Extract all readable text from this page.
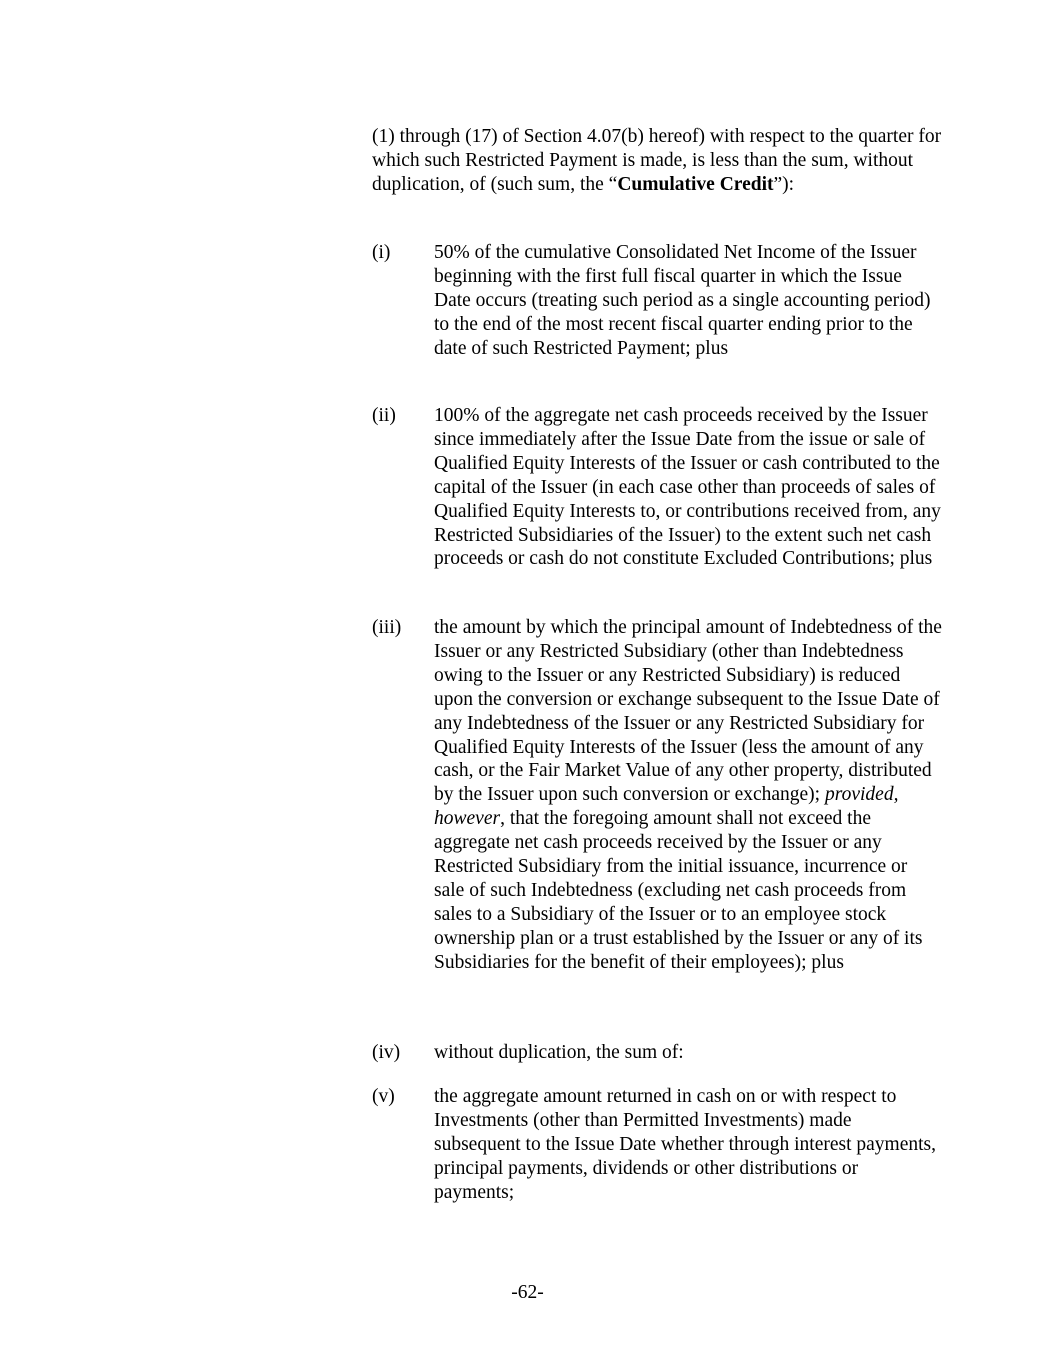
(1) through (17) of Section 4.07(b) hereof) with respect to the quarter for which such Restricted Payment is made, is less than the sum, without duplication, of (such sum, the “Cumulative Credit”):

(i)	50% of the cumulative Consolidated Net Income of the Issuer beginning with the first full fiscal quarter in which the Issue Date occurs (treating such period as a single accounting period) to the end of the most recent fiscal quarter ending prior to the date of such Restricted Payment; plus

(ii)	100% of the aggregate net cash proceeds received by the Issuer since immediately after the Issue Date from the issue or sale of Qualified Equity Interests of the Issuer or cash contributed to the capital of the Issuer (in each case other than proceeds of sales of Qualified Equity Interests to, or contributions received from, any Restricted Subsidiaries of the Issuer) to the extent such net cash proceeds or cash do not constitute Excluded Contributions; plus

(iii)	the amount by which the principal amount of Indebtedness of the Issuer or any Restricted Subsidiary (other than Indebtedness owing to the Issuer or any Restricted Subsidiary) is reduced upon the conversion or exchange subsequent to the Issue Date of any Indebtedness of the Issuer or any Restricted Subsidiary for Qualified Equity Interests of the Issuer (less the amount of any cash, or the Fair Market Value of any other property, distributed by the Issuer upon such conversion or exchange); provided, however, that the foregoing amount shall not exceed the aggregate net cash proceeds received by the Issuer or any Restricted Subsidiary from the initial issuance, incurrence or sale of such Indebtedness (excluding net cash proceeds from sales to a Subsidiary of the Issuer or to an employee stock ownership plan or a trust established by the Issuer or any of its Subsidiaries for the benefit of their employees); plus

(iv)	without duplication, the sum of:

(v)	the aggregate amount returned in cash on or with respect to Investments (other than Permitted Investments) made subsequent to the Issue Date whether through interest payments, principal payments, dividends or other distributions or payments;

-62-
